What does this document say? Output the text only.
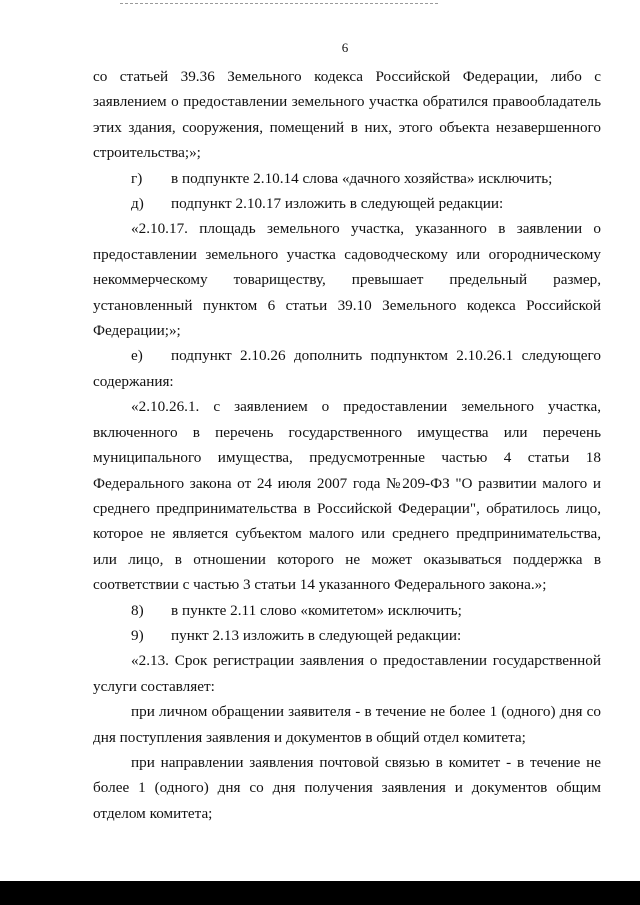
6

со статьей 39.36 Земельного кодекса Российской Федерации, либо с заявлением о предоставлении земельного участка обратился правообладатель этих здания, сооружения, помещений в них, этого объекта незавершенного строительства;»;

г)	в подпункте 2.10.14 слова «дачного хозяйства» исключить;
д)	подпункт 2.10.17 изложить в следующей редакции:

«2.10.17. площадь земельного участка, указанного в заявлении о предоставлении земельного участка садоводческому или огородническому некоммерческому товариществу, превышает предельный размер, установленный пунктом 6 статьи 39.10 Земельного кодекса Российской Федерации;»;

е) подпункт 2.10.26 дополнить подпунктом 2.10.26.1 следующего содержания:

«2.10.26.1. с заявлением о предоставлении земельного участка, включенного в перечень государственного имущества или перечень муниципального имущества, предусмотренные частью 4 статьи 18 Федерального закона от 24 июля 2007 года №209-ФЗ "О развитии малого и среднего предпринимательства в Российской Федерации", обратилось лицо, которое не является субъектом малого или среднего предпринимательства, или лицо, в отношении которого не может оказываться поддержка в соответствии с частью 3 статьи 14 указанного Федерального закона.»;

8)	в пункте 2.11 слово «комитетом» исключить;
9)	пункт 2.13 изложить в следующей редакции:

«2.13. Срок регистрации заявления о предоставлении государственной услуги составляет:

при личном обращении заявителя - в течение не более 1 (одного) дня со дня поступления заявления и документов в общий отдел комитета;

при направлении заявления почтовой связью в комитет - в течение не более 1 (одного) дня со дня получения заявления и документов общим отделом комитета;
